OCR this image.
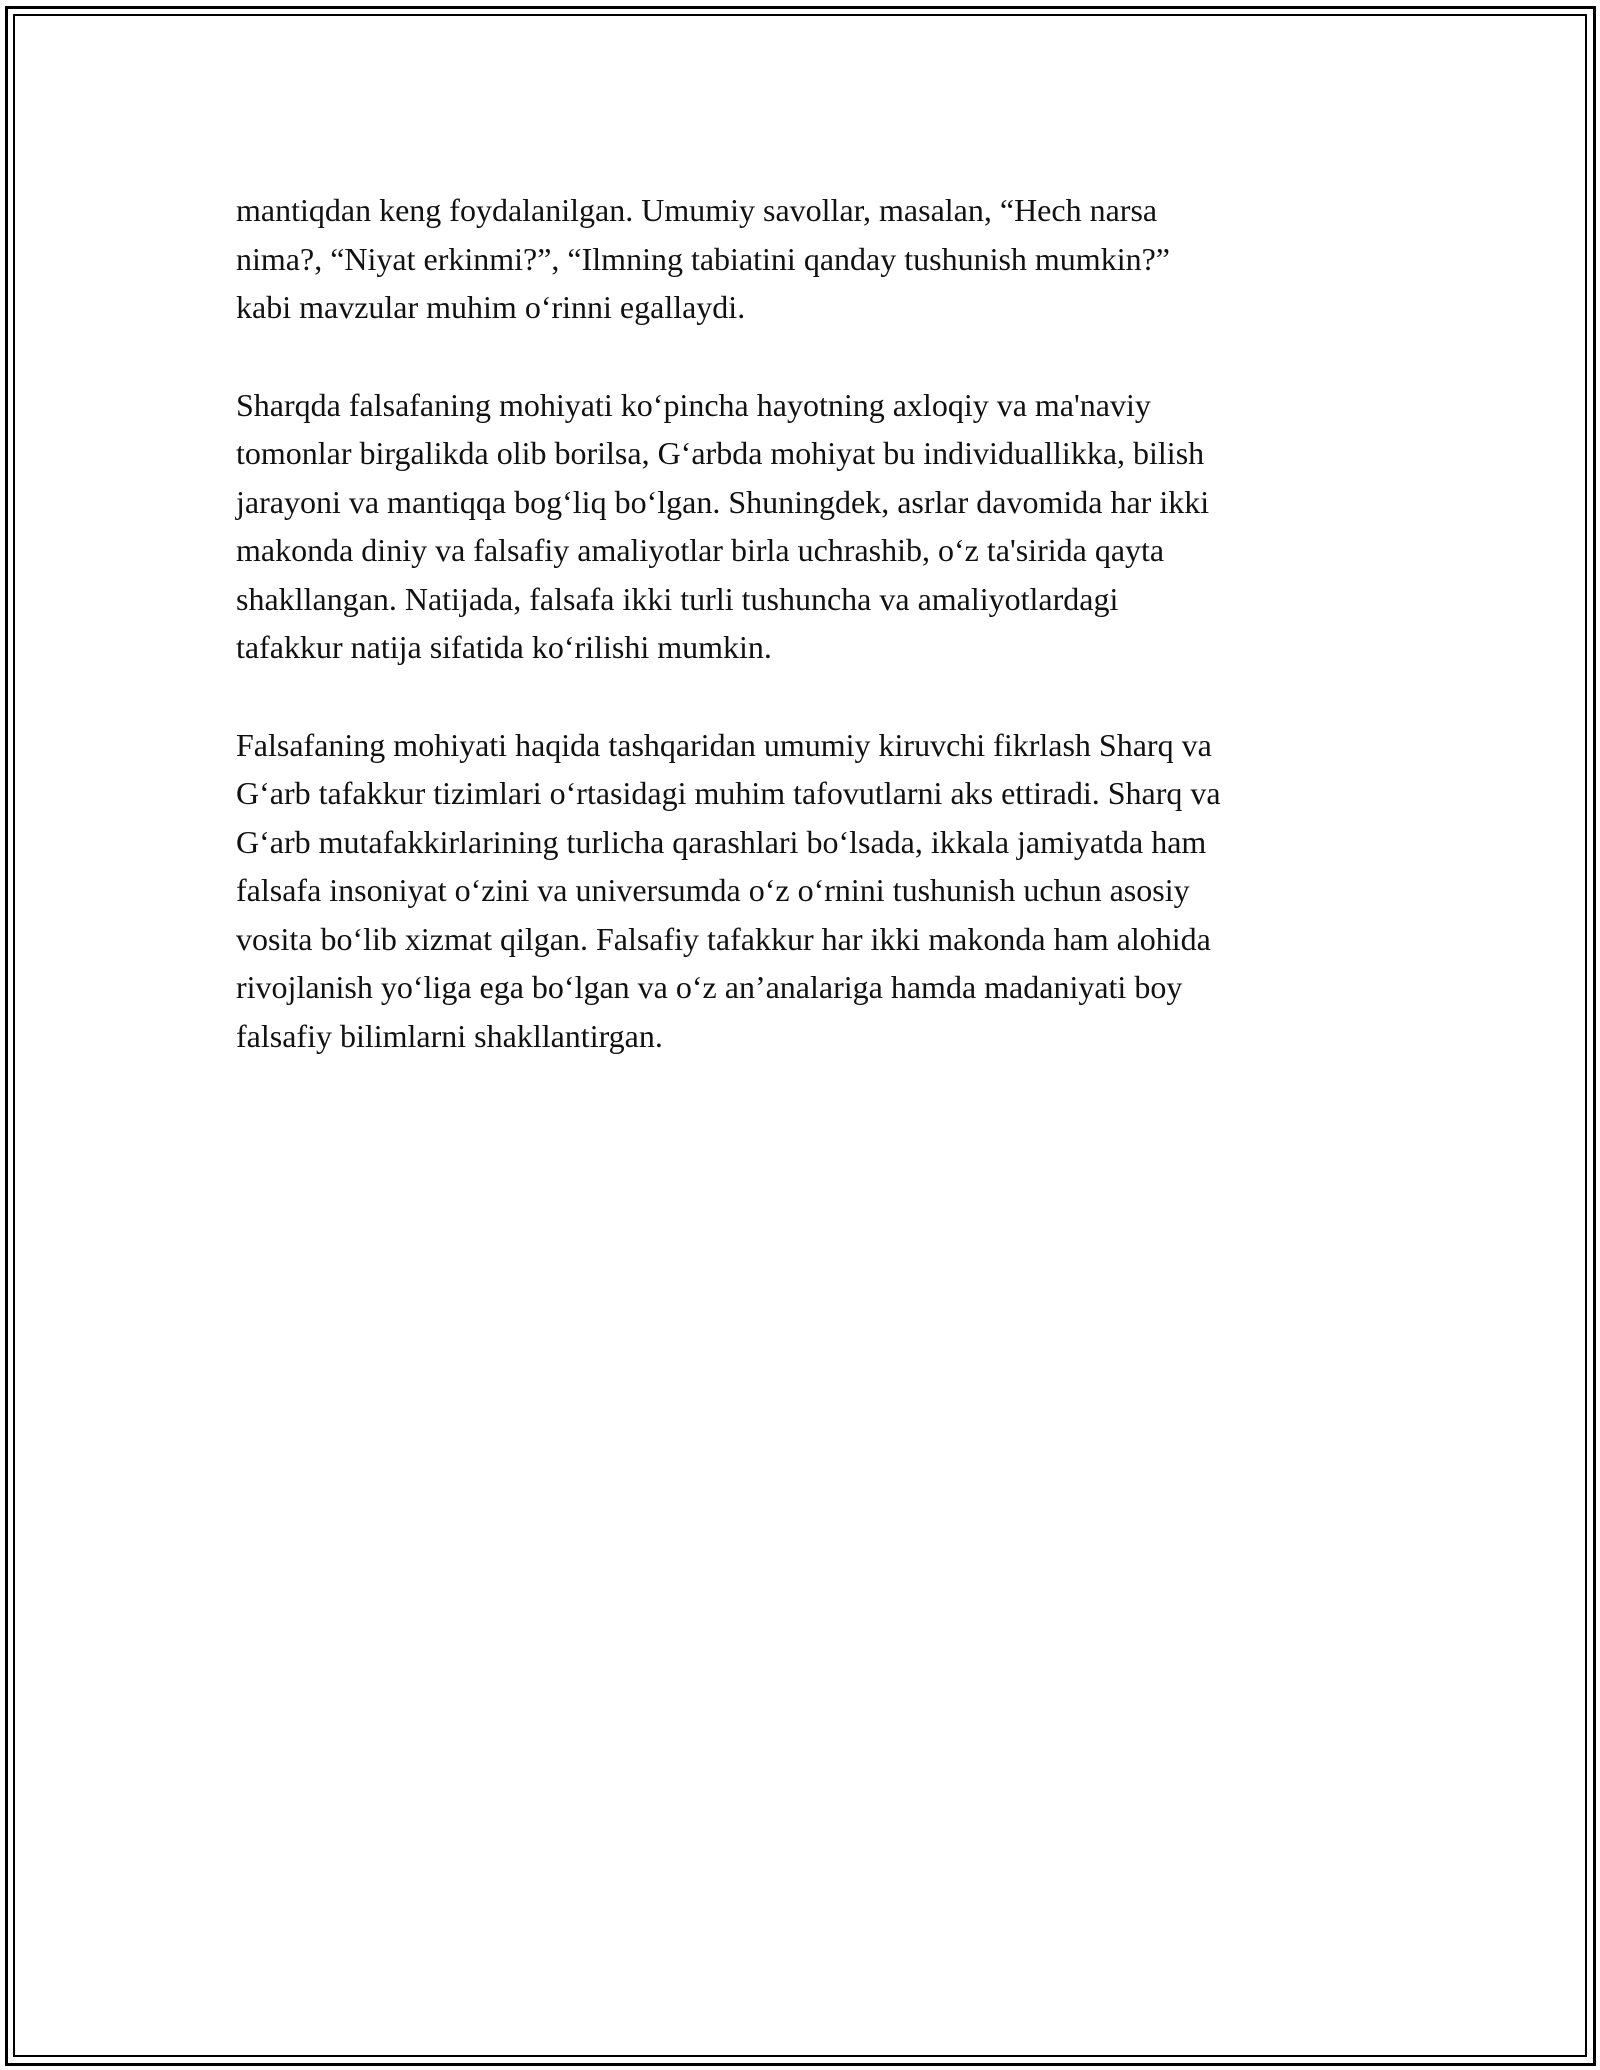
mantiqdan keng foydalanilgan. Umumiy savollar, masalan, “Hech narsa
nima?, “Niyat erkinmi?”, “Ilmning tabiatini qanday tushunish mumkin?”
kabi mavzular muhim o‘rinni egallaydi.

Sharqda falsafaning mohiyati ko‘pincha hayotning axloqiy va ma'naviy
tomonlar birgalikda olib borilsa, G‘arbda mohiyat bu individuallikka, bilish
jarayoni va mantiqqa bog‘liq bo‘lgan. Shuningdek, asrlar davomida har ikki
makonda diniy va falsafiy amaliyotlar birla uchrashib, o‘z ta'sirida qayta
shakllangan. Natijada, falsafa ikki turli tushuncha va amaliyotlardagi
tafakkur natija sifatida ko‘rilishi mumkin.

Falsafaning mohiyati haqida tashqaridan umumiy kiruvchi fikrlash Sharq va
G‘arb tafakkur tizimlari o‘rtasidagi muhim tafovutlarni aks ettiradi. Sharq va
G‘arb mutafakkirlarining turlicha qarashlari bo‘lsada, ikkala jamiyatda ham
falsafa insoniyat o‘zini va universumda o‘z o‘rnini tushunish uchun asosiy
vosita bo‘lib xizmat qilgan. Falsafiy tafakkur har ikki makonda ham alohida
rivojlanish yo‘liga ega bo‘lgan va o‘z an’analariga hamda madaniyati boy
falsafiy bilimlarni shakllantirgan.
